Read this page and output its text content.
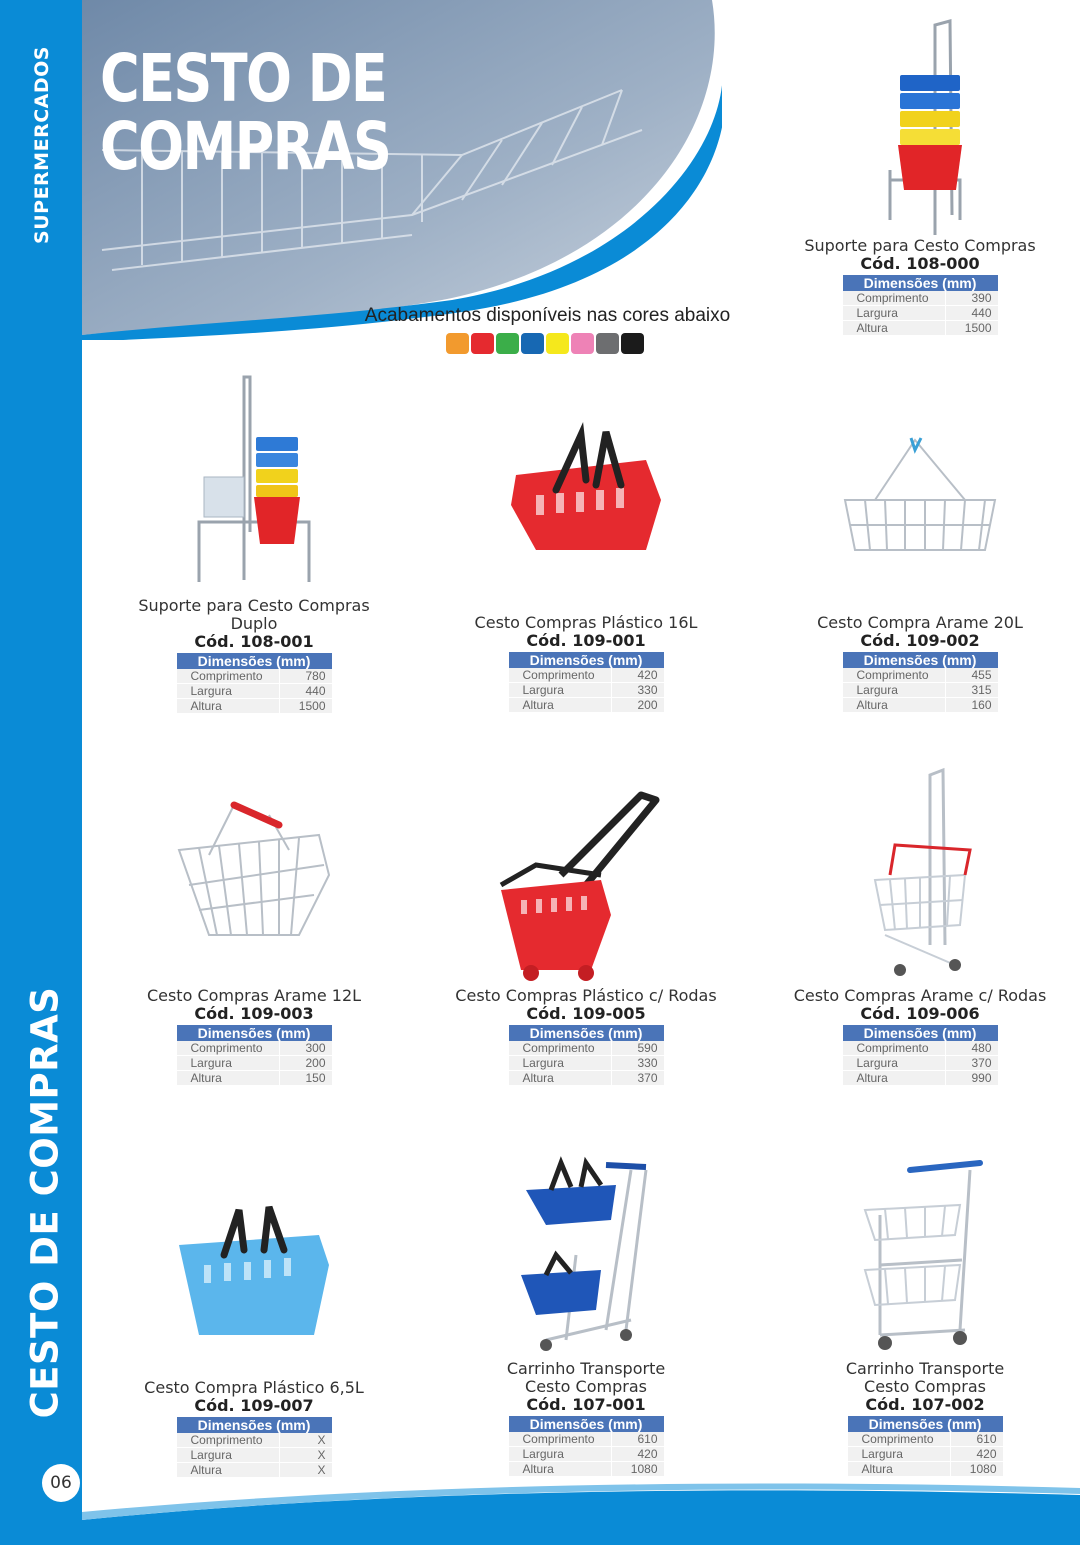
SUPERMERCADOS
CESTO DE COMPRAS
06
CESTO DE
COMPRAS
Acabamentos disponíveis nas cores abaixo
Suporte para Cesto Compras
Cód. 108-000
Dimensões (mm)	
Comprimento	390
Largura	440
Altura	1500
Suporte para Cesto Compras Duplo
Cód. 108-001
Dimensões (mm)	
Comprimento	780
Largura	440
Altura	1500
Cesto Compras Plástico 16L
Cód. 109-001
Dimensões (mm)	
Comprimento	420
Largura	330
Altura	200
Cesto Compra Arame 20L
Cód. 109-002
Dimensões (mm)	
Comprimento	455
Largura	315
Altura	160
Cesto Compras Arame 12L
Cód. 109-003
Dimensões (mm)	
Comprimento	300
Largura	200
Altura	150
Cesto Compras Plástico c/ Rodas
Cód. 109-005
Dimensões (mm)	
Comprimento	590
Largura	330
Altura	370
Cesto Compras Arame c/ Rodas
Cód. 109-006
Dimensões (mm)	
Comprimento	480
Largura	370
Altura	990
Cesto Compra Plástico 6,5L
Cód. 109-007
Dimensões (mm)	
Comprimento	X
Largura	X
Altura	X
Carrinho Transporte Cesto Compras
Cód. 107-001
Dimensões (mm)	
Comprimento	610
Largura	420
Altura	1080
Carrinho Transporte Cesto Compras
Cód. 107-002
Dimensões (mm)	
Comprimento	610
Largura	420
Altura	1080
